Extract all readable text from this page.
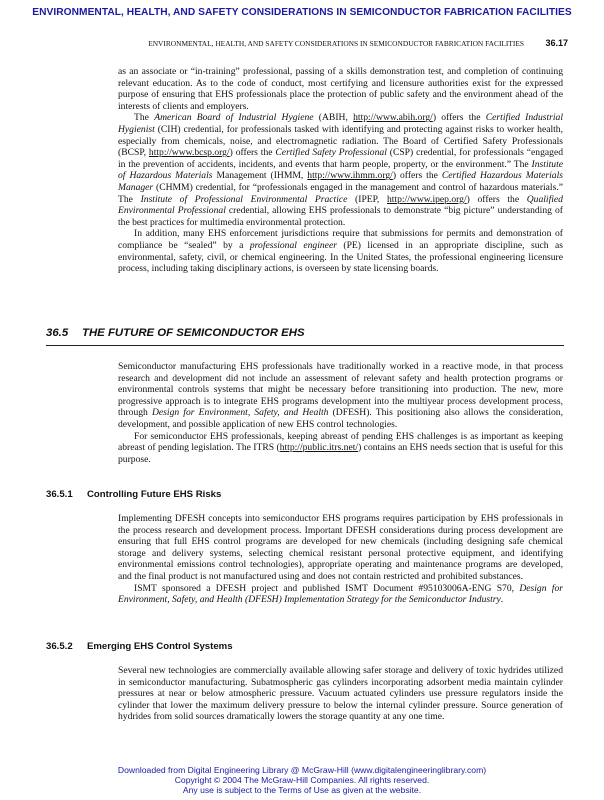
ENVIRONMENTAL, HEALTH, AND SAFETY CONSIDERATIONS IN SEMICONDUCTOR FABRICATION FACILITIES
ENVIRONMENTAL, HEALTH, AND SAFETY CONSIDERATIONS IN SEMICONDUCTOR FABRICATION FACILITIES 36.17

as an associate or “in-training” professional, passing of a skills demonstration test, and completion of continuing relevant education. As to the code of conduct, most certifying and licensure authorities exist for the expressed purpose of ensuring that EHS professionals place the protection of public safety and the environment ahead of the interests of clients and employers.

The American Board of Industrial Hygiene (ABIH, http://www.abih.org/) offers the Certified Industrial Hygienist (CIH) credential, for professionals tasked with identifying and protecting against risks to worker health, especially from chemicals, noise, and electromagnetic radiation. The Board of Certified Safety Professionals (BCSP, http://www.bcsp.org/) offers the Certified Safety Professional (CSP) credential, for professionals “engaged in the prevention of accidents, incidents, and events that harm people, property, or the environment.” The Institute of Hazardous Materials Management (IHMM, http://www.ihmm.org/) offers the Certified Hazardous Materials Manager (CHMM) credential, for “professionals engaged in the management and control of hazardous materials.” The Institute of Professional Environmental Practice (IPEP, http://www.ipep.org/) offers the Qualified Environmental Professional credential, allowing EHS professionals to demonstrate “big picture” understanding of the best practices for multimedia environmental protection.

In addition, many EHS enforcement jurisdictions require that submissions for permits and demonstration of compliance be “sealed” by a professional engineer (PE) licensed in an appropriate discipline, such as environmental, safety, civil, or chemical engineering. In the United States, the professional engineering licensure process, including taking disciplinary actions, is overseen by state licensing boards.

36.5 THE FUTURE OF SEMICONDUCTOR EHS

Semiconductor manufacturing EHS professionals have traditionally worked in a reactive mode, in that process research and development did not include an assessment of relevant safety and health protection programs or environmental controls systems that might be necessary before transitioning into production. The new, more progressive approach is to integrate EHS programs development into the multiyear process development process, through Design for Environment, Safety, and Health (DFESH). This positioning also allows the consideration, development, and possible application of new EHS control technologies.

For semiconductor EHS professionals, keeping abreast of pending EHS challenges is as important as keeping abreast of pending legislation. The ITRS (http://public.itrs.net/) contains an EHS needs section that is useful for this purpose.

36.5.1 Controlling Future EHS Risks

Implementing DFESH concepts into semiconductor EHS programs requires participation by EHS professionals in the process research and development process. Important DFESH considerations during process development are ensuring that full EHS control programs are developed for new chemicals (including designing safe chemical storage and delivery systems, selecting chemical resistant personal protective equipment, and identifying environmental emissions control technologies), appropriate operating and maintenance programs are developed, and the final product is not manufactured using and does not contain restricted and prohibited substances.

ISMT sponsored a DFESH project and published ISMT Document #95103006A-ENG S70, Design for Environment, Safety, and Health (DFESH) Implementation Strategy for the Semiconductor Industry.

36.5.2 Emerging EHS Control Systems

Several new technologies are commercially available allowing safer storage and delivery of toxic hydrides utilized in semiconductor manufacturing. Subatmospheric gas cylinders incorporating adsorbent media maintain cylinder pressures at near or below atmospheric pressure. Vacuum actuated cylinders use pressure regulators inside the cylinder that lower the maximum delivery pressure to below the internal cylinder pressure. Source generation of hydrides from solid sources dramatically lowers the storage quantity at any one time.

Downloaded from Digital Engineering Library @ McGraw-Hill (www.digitalengineeringlibrary.com)
Copyright © 2004 The McGraw-Hill Companies. All rights reserved.
Any use is subject to the Terms of Use as given at the website.
